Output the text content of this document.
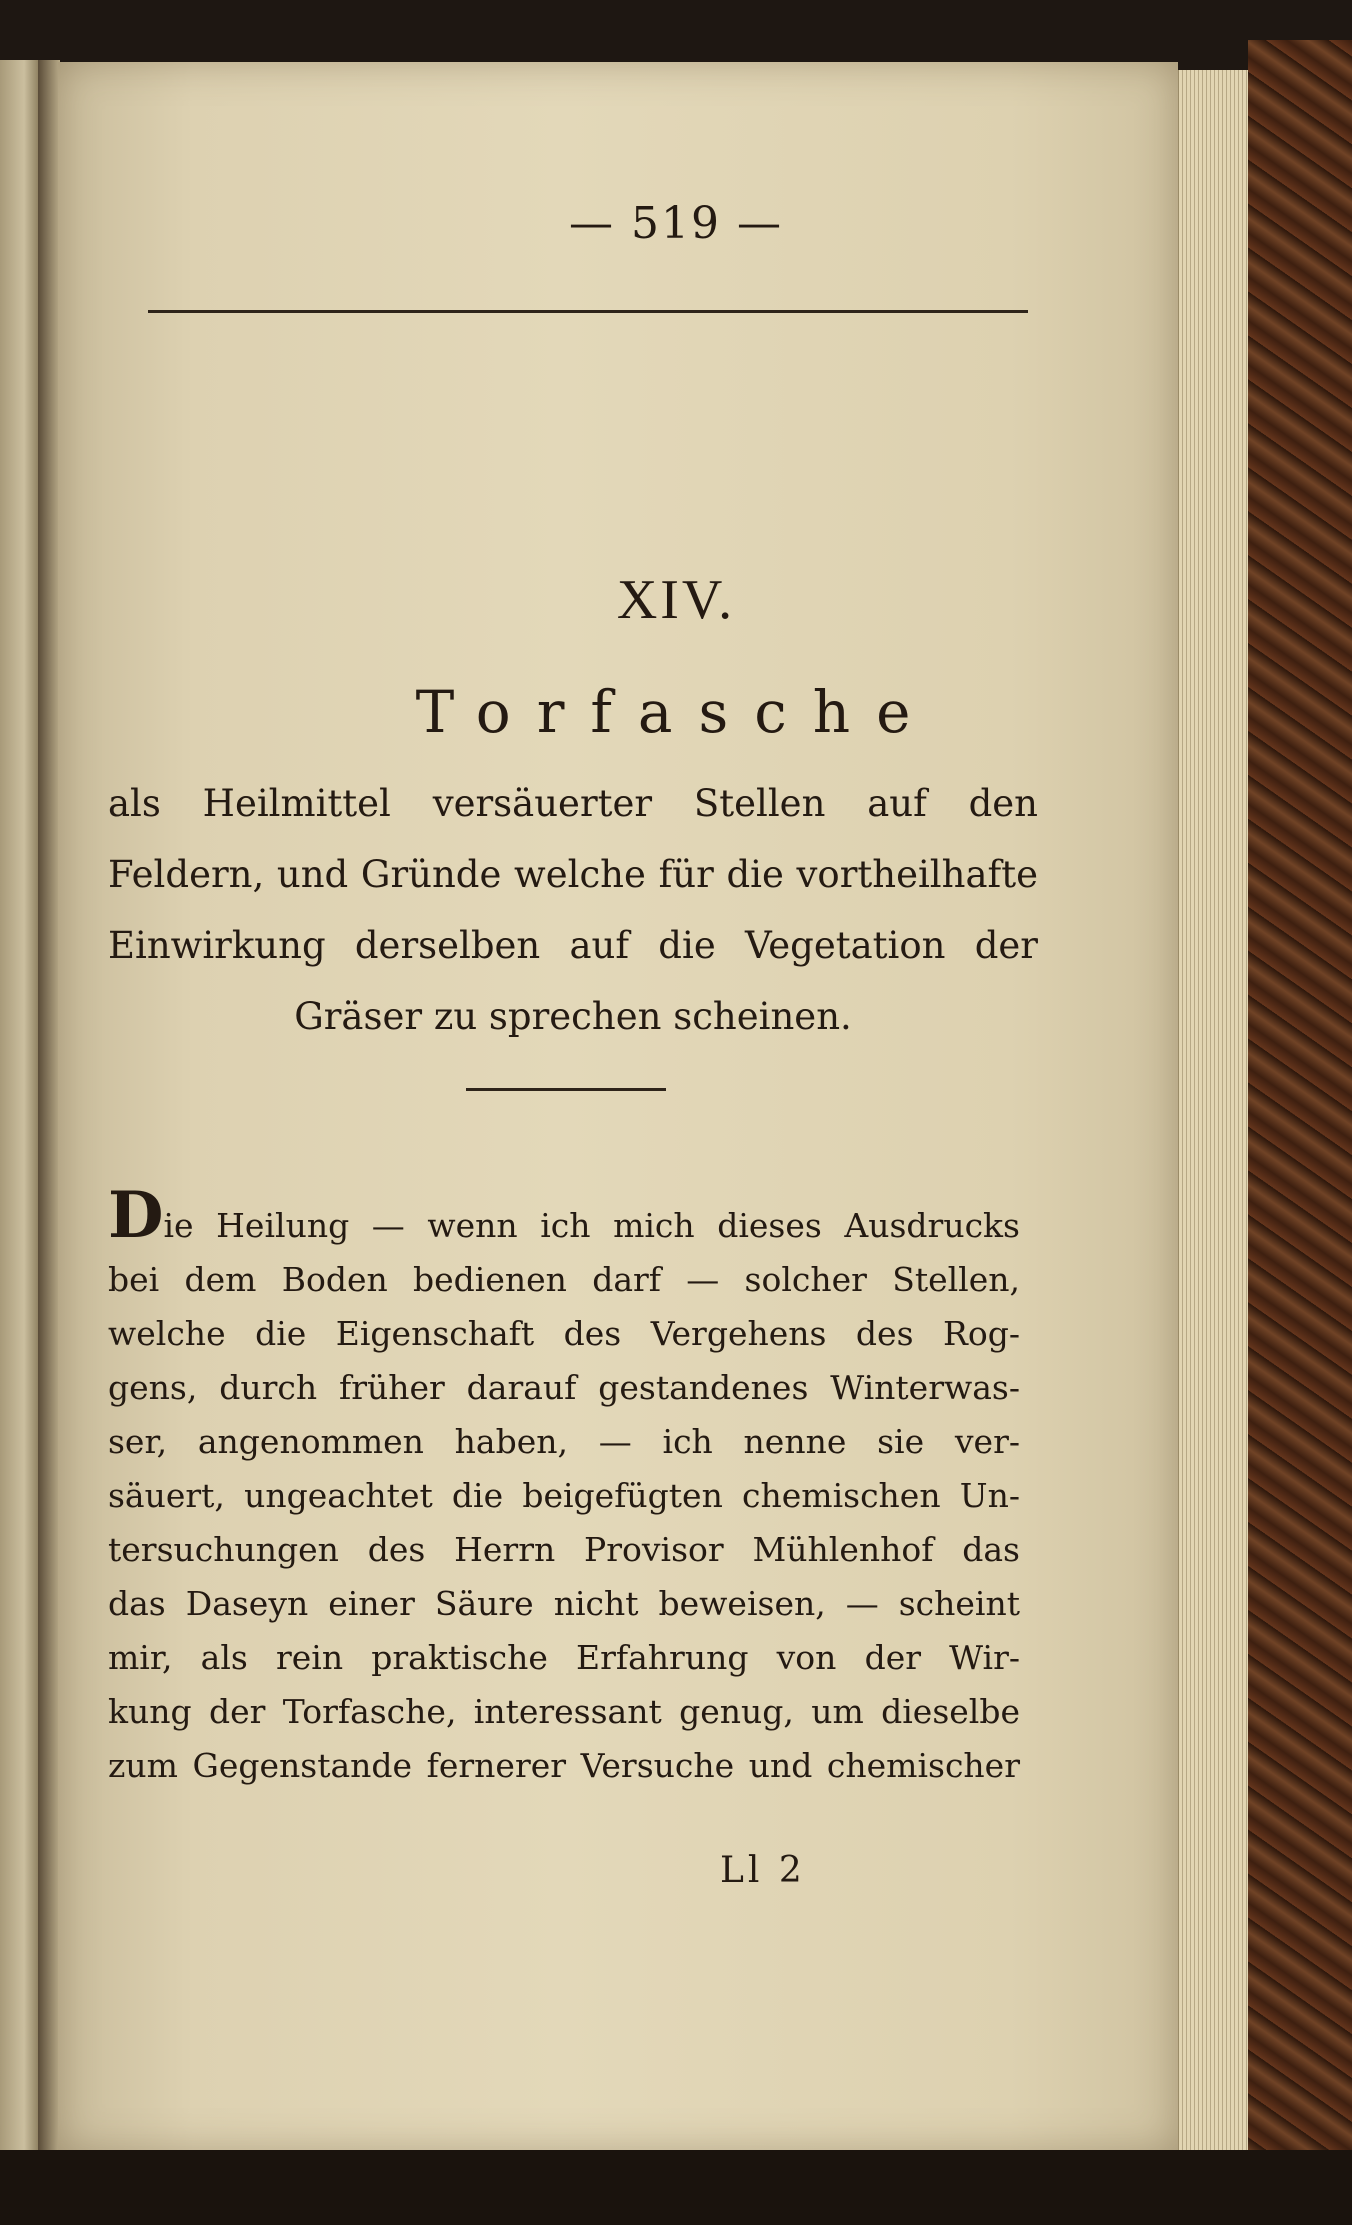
— 519 —
XIV.
Torfasche
als Heilmittel versäuerter Stellen auf den Feldern, und Gründe welche für die vortheilhafte Einwirkung derselben auf die Vegetation der Gräser zu sprechen scheinen.
Die Heilung — wenn ich mich dieses Ausdrucks
bei dem Boden bedienen darf — solcher Stellen,
welche die Eigenschaft des Vergehens des Rog-
gens, durch früher darauf gestandenes Winterwas-
ser, angenommen haben, — ich nenne sie ver-
säuert, ungeachtet die beigefügten chemischen Un-
tersuchungen des Herrn Provisor Mühlenhof das
das Daseyn einer Säure nicht beweisen, — scheint
mir, als rein praktische Erfahrung von der Wir-
kung der Torfasche, interessant genug, um dieselbe
zum Gegenstande fernerer Versuche und chemischer
Ll 2
